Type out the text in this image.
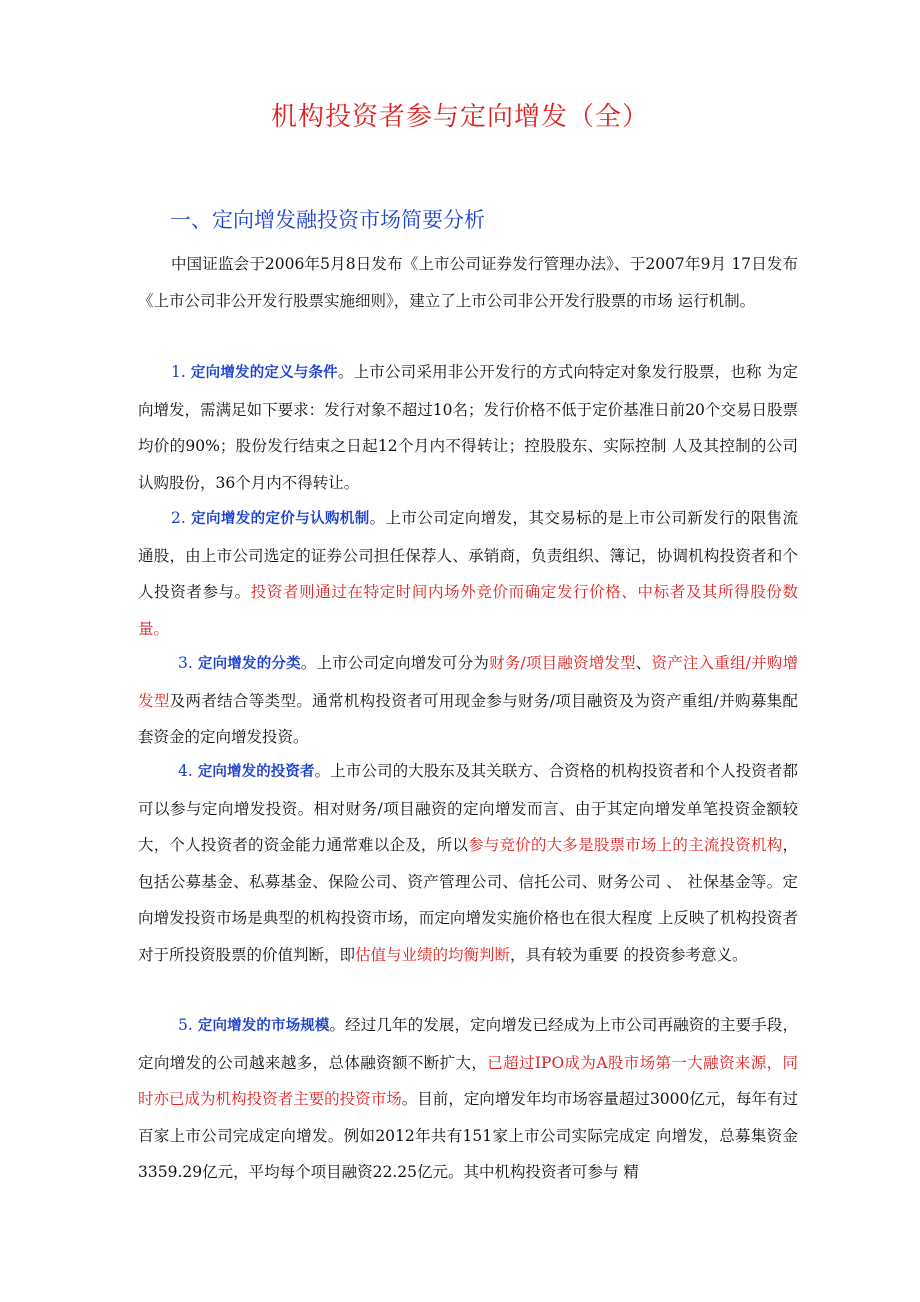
机构投资者参与定向增发（全）
一、定向增发融投资市场简要分析
中国证监会于2006年5月8日发布《上市公司证券发行管理办法》、于2007年9月 17日发布《上市公司非公开发行股票实施细则》，建立了上市公司非公开发行股票的市场 运行机制。
1. 定向增发的定义与条件。上市公司采用非公开发行的方式向特定对象发行股票，也称 为定向增发，需满足如下要求：发行对象不超过10名；发行价格不低于定价基准日前20个交易日股票均价的90%；股份发行结束之日起12个月内不得转让；控股股东、实际控制 人及其控制的公司认购股份，36个月内不得转让。
2. 定向增发的定价与认购机制。上市公司定向增发，其交易标的是上市公司新发行的限售流通股，由上市公司选定的证券公司担任保荐人、承销商，负责组织、簿记，协调机构投资者和个人投资者参与。投资者则通过在特定时间内场外竞价而确定发行价格、中标者及其所得股份数量。
3. 定向增发的分类。上市公司定向增发可分为财务/项目融资增发型、资产注入重组/并购增发型及两者结合等类型。通常机构投资者可用现金参与财务/项目融资及为资产重组/并购募集配套资金的定向增发投资。
4. 定向增发的投资者。上市公司的大股东及其关联方、合资格的机构投资者和个人投资者都可以参与定向增发投资。相对财务/项目融资的定向增发而言、由于其定向增发单笔投资金额较大，个人投资者的资金能力通常难以企及，所以参与竞价的大多是股票市场上的主流投资机构，包括公募基金、私募基金、保险公司、资产管理公司、信托公司、财务公司 、 社保基金等。定向增发投资市场是典型的机构投资市场，而定向增发实施价格也在很大程度 上反映了机构投资者对于所投资股票的价值判断，即估值与业绩的均衡判断，具有较为重要 的投资参考意义。
5. 定向增发的市场规模。经过几年的发展，定向增发已经成为上市公司再融资的主要手段，定向增发的公司越来越多，总体融资额不断扩大，已超过IPO成为A股市场第一大融资来源，同时亦已成为机构投资者主要的投资市场。目前，定向增发年均市场容量超过3000亿元，每年有过百家上市公司完成定向增发。例如2012年共有151家上市公司实际完成定 向增发，总募集资金3359.29亿元，平均每个项目融资22.25亿元。其中机构投资者可参与 精
